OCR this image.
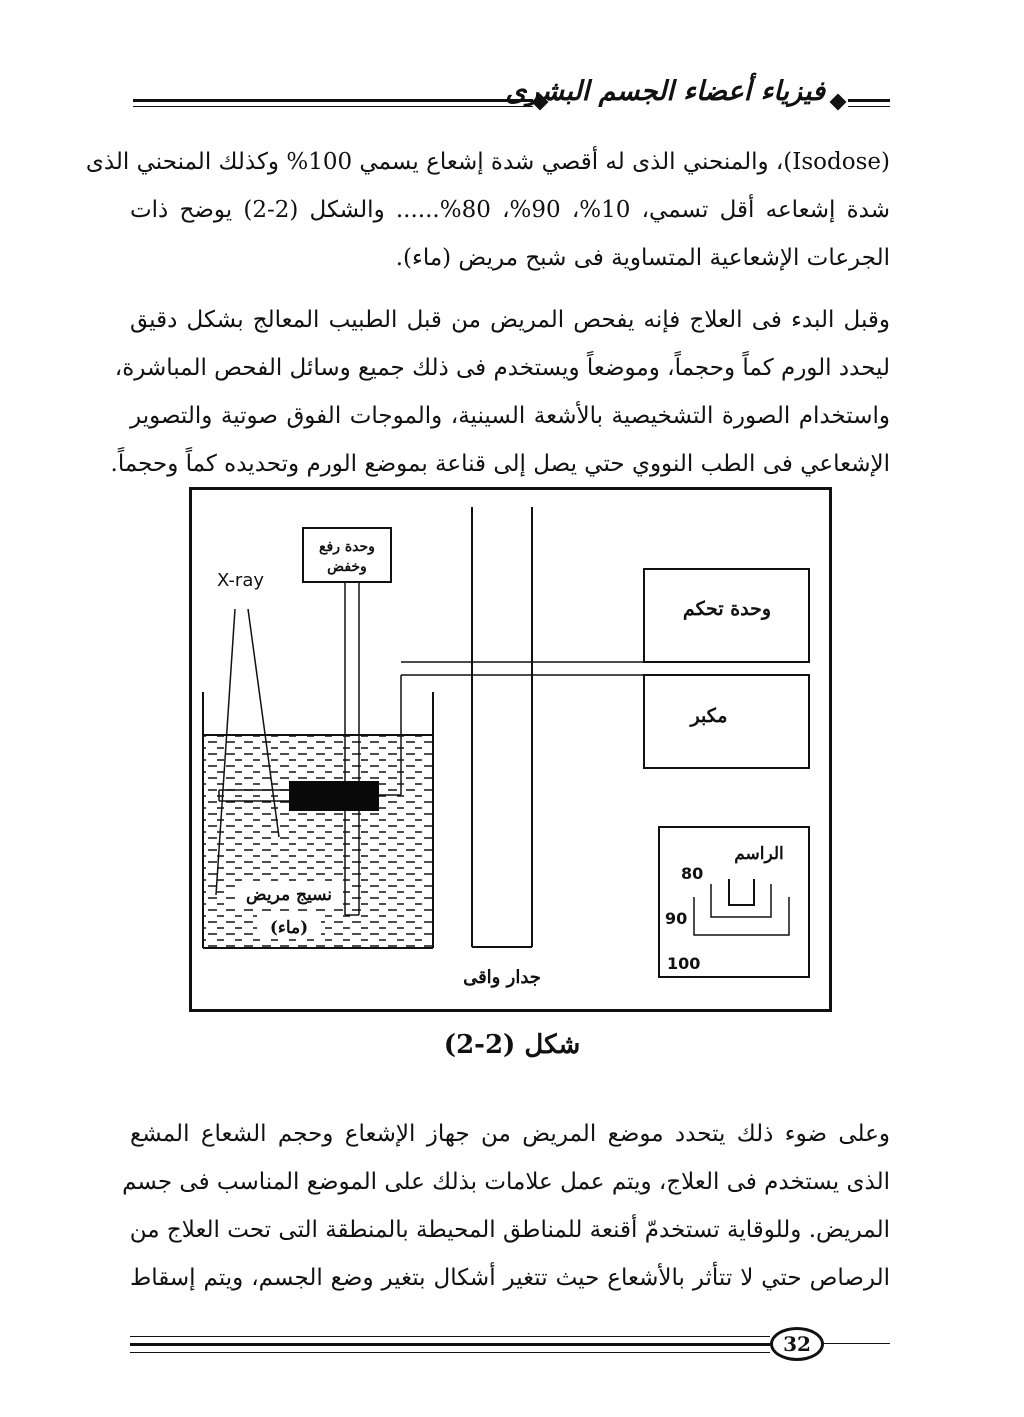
فيزياء أعضاء الجسم البشرى
(Isodose)، والمنحني الذى له أقصي شدة إشعاع يسمي 100% وكذلك المنحني الذى
شدة إشعاعه أقل تسمي، 10%، 90%، 80%...... والشكل (2-2) يوضح ذات
الجرعات الإشعاعية المتساوية فى شبح مريض (ماء).
وقبل البدء فى العلاج فإنه يفحص المريض من قبل الطبيب المعالج بشكل دقيق
ليحدد الورم كماً وحجماً، وموضعاً ويستخدم فى ذلك جميع وسائل الفحص المباشرة،
واستخدام الصورة التشخيصية بالأشعة السينية، والموجات الفوق صوتية والتصوير
الإشعاعي فى الطب النووي حتي يصل إلى قناعة بموضع الورم وتحديده كماً وحجماً.
X-ray
وحدة رفع
وخفض
جدار واقى
وحدة تحكم
مكبر
الراسم
80
90
100
نسيج مريض
(ماء)
شكل (2-2)
وعلى ضوء ذلك يتحدد موضع المريض من جهاز الإشعاع وحجم الشعاع المشع
الذى يستخدم فى العلاج، ويتم عمل علامات بذلك على الموضع المناسب فى جسم
المريض. وللوقاية تستخدمّ أقنعة للمناطق المحيطة بالمنطقة التى تحت العلاج من
الرصاص حتي لا تتأثر بالأشعاع حيث تتغير أشكال بتغير وضع الجسم، ويتم إسقاط
32
